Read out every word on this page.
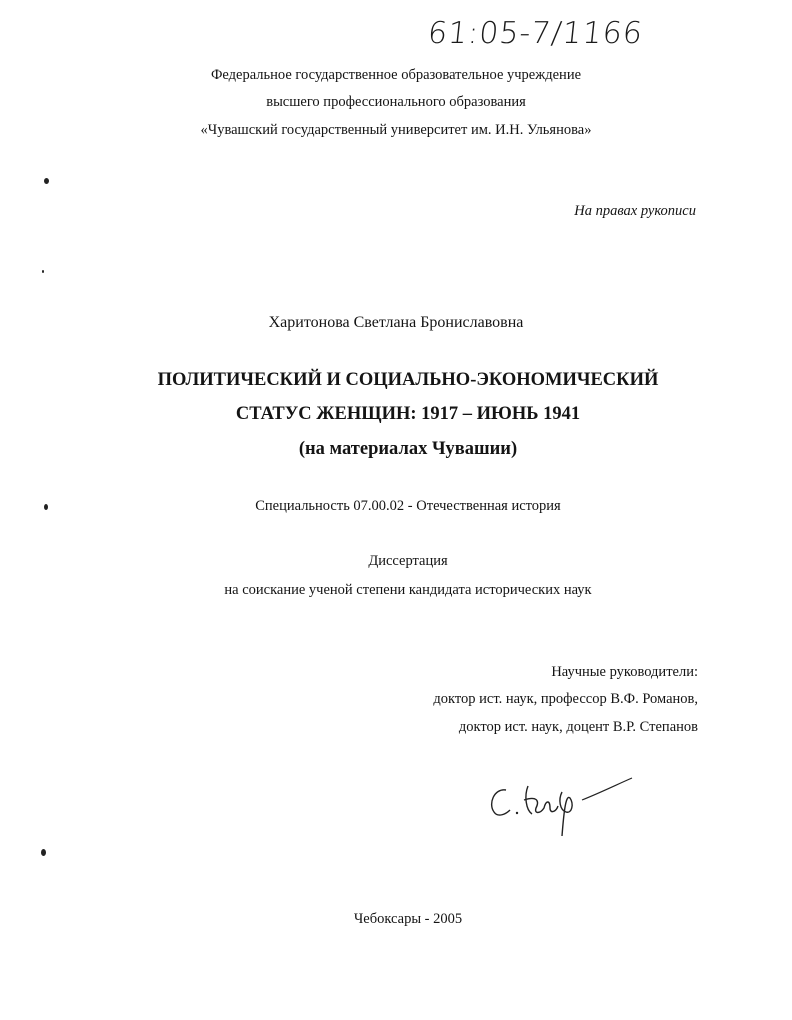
61:05-7/1166
Федеральное государственное образовательное учреждение
высшего профессионального образования
«Чувашский государственный университет им. И.Н. Ульянова»
На правах рукописи
Харитонова Светлана Брониславовна
ПОЛИТИЧЕСКИЙ И СОЦИАЛЬНО-ЭКОНОМИЧЕСКИЙ
СТАТУС ЖЕНЩИН: 1917 – ИЮНЬ 1941
(на материалах Чувашии)
Специальность 07.00.02 - Отечественная история
Диссертация
на соискание ученой степени кандидата исторических наук
Научные руководители:
доктор ист. наук, профессор В.Ф. Романов,
доктор ист. наук, доцент В.Р. Степанов
Чебоксары - 2005
